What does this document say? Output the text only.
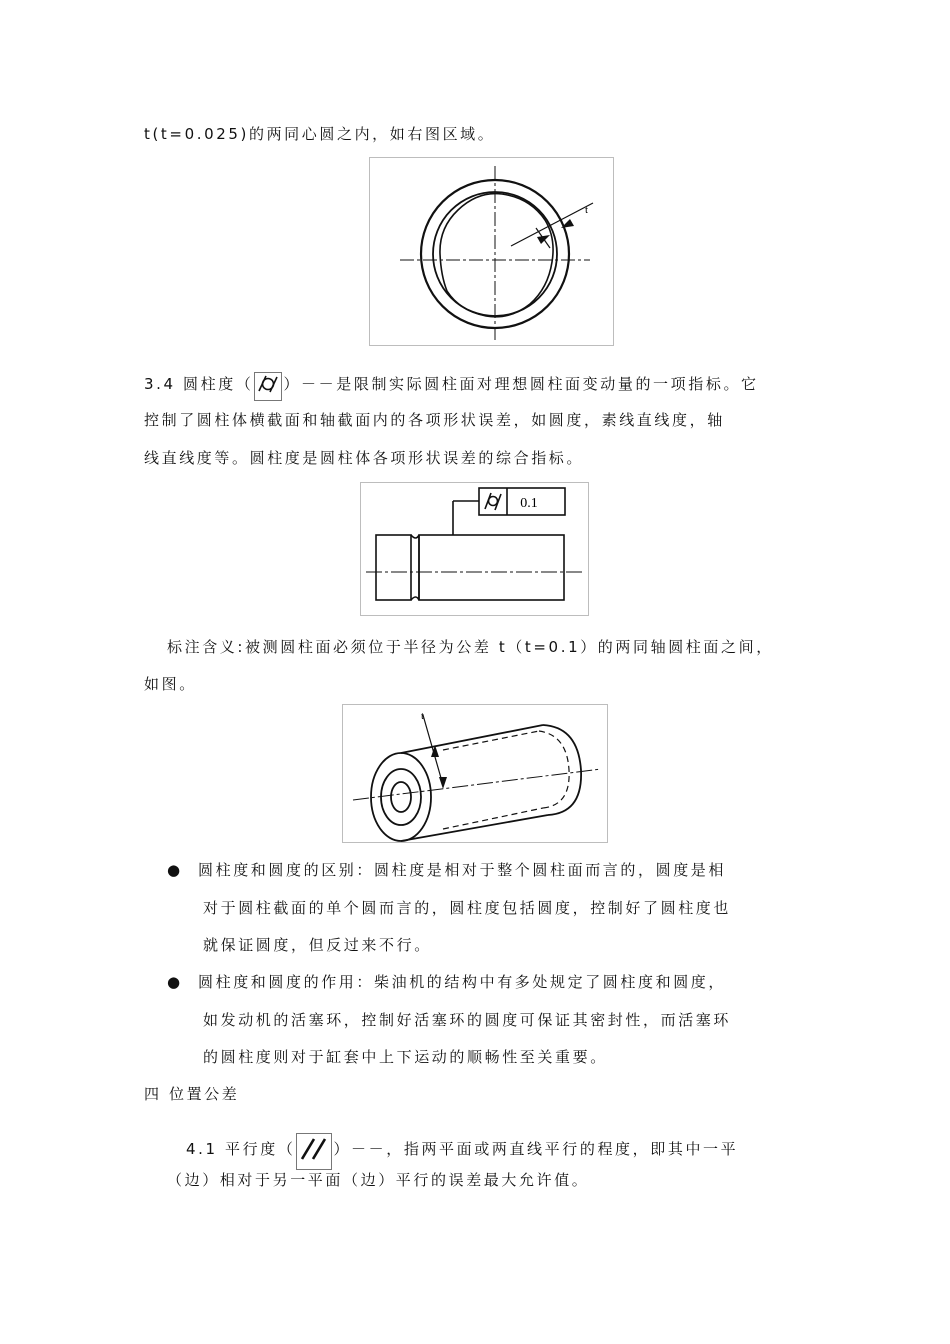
t(t=0.025)的两同心圆之内，如右图区域。
t
3.4 圆柱度（ ）－－是限制实际圆柱面对理想圆柱面变动量的一项指标。它
控制了圆柱体横截面和轴截面内的各项形状误差，如圆度，素线直线度，轴
线直线度等。圆柱度是圆柱体各项形状误差的综合指标。
0.1
标注含义:被测圆柱面必须位于半径为公差 t（t=0.1）的两同轴圆柱面之间，
如图。
t
● 圆柱度和圆度的区别：圆柱度是相对于整个圆柱面而言的，圆度是相
对于圆柱截面的单个圆而言的，圆柱度包括圆度，控制好了圆柱度也
就保证圆度，但反过来不行。
● 圆柱度和圆度的作用：柴油机的结构中有多处规定了圆柱度和圆度，
如发动机的活塞环，控制好活塞环的圆度可保证其密封性，而活塞环
的圆柱度则对于缸套中上下运动的顺畅性至关重要。
四 位置公差
4.1 平行度（	）－－，指两平面或两直线平行的程度，即其中一平
（边）相对于另一平面（边）平行的误差最大允许值。
